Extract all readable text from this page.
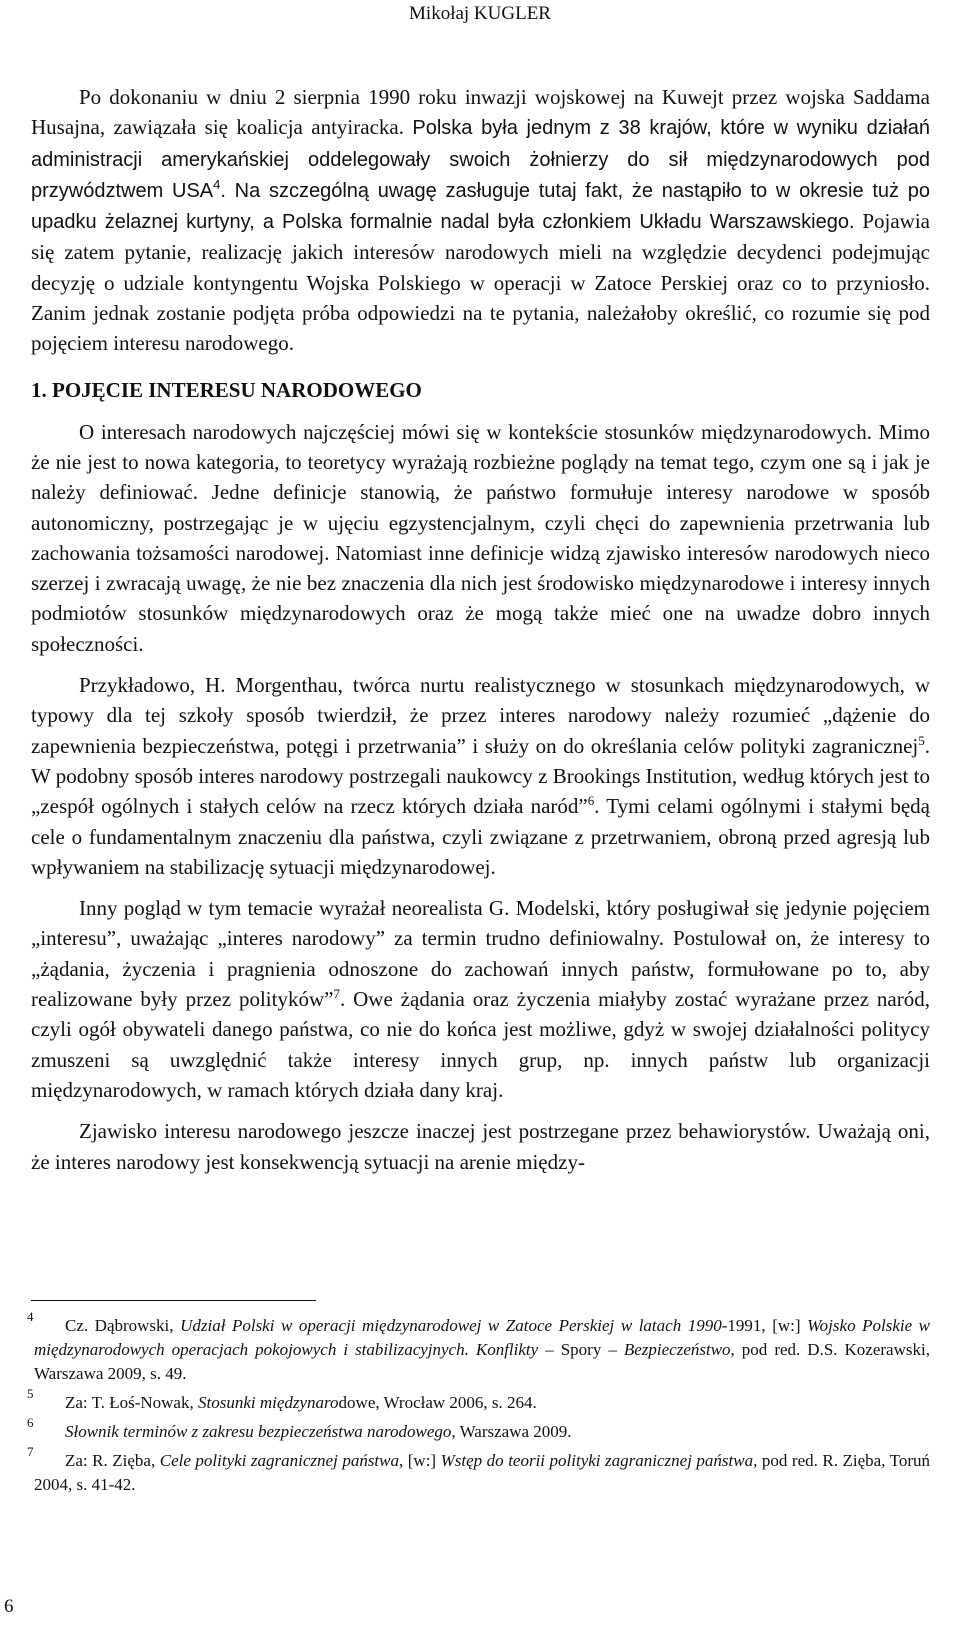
Mikołaj KUGLER

Po dokonaniu w dniu 2 sierpnia 1990 roku inwazji wojskowej na Kuwejt przez wojska Saddama Husajna, zawiązała się koalicja antyiracka. Polska była jednym z 38 krajów, które w wyniku działań administracji amerykańskiej oddelegowały swoich żołnierzy do sił międzynarodowych pod przywództwem USA$^4$. Na szczególną uwagę zasługuje tutaj fakt, że nastąpiło to w okresie tuż po upadku żelaznej kurtyny, a Polska formalnie nadal była członkiem Układu Warszawskiego. Pojawia się zatem pytanie, realizację jakich interesów narodowych mieli na względzie decydenci podejmując decyzję o udziale kontyngentu Wojska Polskiego w operacji w Zatoce Perskiej oraz co to przyniosło. Zanim jednak zostanie podjęta próba odpowiedzi na te pytania, należałoby określić, co rozumie się pod pojęciem interesu narodowego.

1. POJĘCIE INTERESU NARODOWEGO

O interesach narodowych najczęściej mówi się w kontekście stosunków międzynarodowych. Mimo że nie jest to nowa kategoria, to teoretycy wyrażają rozbieżne poglądy na temat tego, czym one są i jak je należy definiować. Jedne definicje stanowią, że państwo formułuje interesy narodowe w sposób autonomiczny, postrzegając je w ujęciu egzystencjalnym, czyli chęci do zapewnienia przetrwania lub zachowania tożsamości narodowej. Natomiast inne definicje widzą zjawisko interesów narodowych nieco szerzej i zwracają uwagę, że nie bez znaczenia dla nich jest środowisko międzynarodowe i interesy innych podmiotów stosunków międzynarodowych oraz że mogą także mieć one na uwadze dobro innych społeczności.

Przykładowo, H. Morgenthau, twórca nurtu realistycznego w stosunkach międzynarodowych, w typowy dla tej szkoły sposób twierdził, że przez interes narodowy należy rozumieć „dążenie do zapewnienia bezpieczeństwa, potęgi i przetrwania” i służy on do określania celów polityki zagranicznej$^5$. W podobny sposób interes narodowy postrzegali naukowcy z Brookings Institution, według których jest to „zespół ogólnych i stałych celów na rzecz których działa naród”$^6$. Tymi celami ogólnymi i stałymi będą cele o fundamentalnym znaczeniu dla państwa, czyli związane z przetrwaniem, obroną przed agresją lub wpływaniem na stabilizację sytuacji międzynarodowej.

Inny pogląd w tym temacie wyrażał neorealista G. Modelski, który posługiwał się jedynie pojęciem „interesu”, uważając „interes narodowy” za termin trudno definiowalny. Postulował on, że interesy to „żądania, życzenia i pragnienia odnoszone do zachowań innych państw, formułowane po to, aby realizowane były przez polityków”$^7$. Owe żądania oraz życzenia miałyby zostać wyrażane przez naród, czyli ogół obywateli danego państwa, co nie do końca jest możliwe, gdyż w swojej działalności politycy zmuszeni są uwzględnić także interesy innych grup, np. innych państw lub organizacji międzynarodowych, w ramach których działa dany kraj.

Zjawisko interesu narodowego jeszcze inaczej jest postrzegane przez behawiorystów. Uważają oni, że interes narodowy jest konsekwencją sytuacji na arenie między-

4	Cz. Dąbrowski, Udział Polski w operacji międzynarodowej w Zatoce Perskiej w latach 1990-1991, [w:] Wojsko Polskie w międzynarodowych operacjach pokojowych i stabilizacyjnych. Konflikty – Spory – Bezpieczeństwo, pod red. D.S. Kozerawski, Warszawa 2009, s. 49.
5	Za: T. Łoś-Nowak, Stosunki międzynarodowe, Wrocław 2006, s. 264.
6	Słownik terminów z zakresu bezpieczeństwa narodowego, Warszawa 2009.
7	Za: R. Zięba, Cele polityki zagranicznej państwa, [w:] Wstęp do teorii polityki zagranicznej państwa, pod red. R. Zięba, Toruń 2004, s. 41-42.
6
